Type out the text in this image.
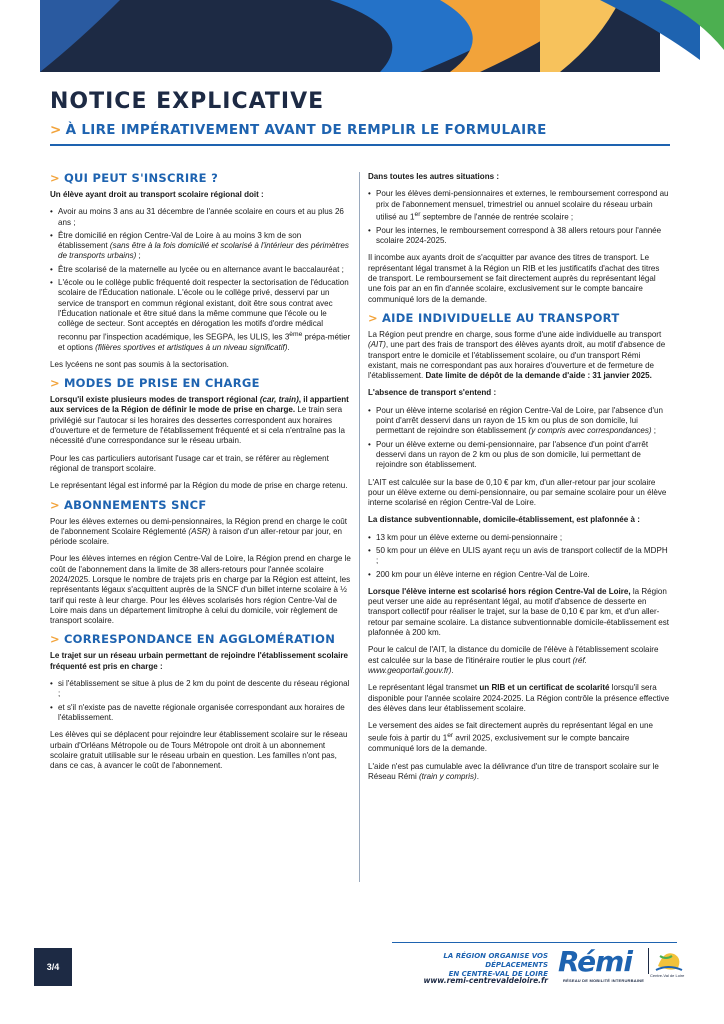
NOTICE EXPLICATIVE
> À LIRE IMPÉRATIVEMENT AVANT DE REMPLIR LE FORMULAIRE
> QUI PEUT S'INSCRIRE ?

Un élève ayant droit au transport scolaire régional doit :

• Avoir au moins 3 ans au 31 décembre de l'année scolaire en cours et au plus 26 ans ;
• Être domicilié en région Centre-Val de Loire à au moins 3 km de son établissement (sans être à la fois domicilié et scolarisé à l'intérieur des périmètres de transports urbains) ;
• Être scolarisé de la maternelle au lycée ou en alternance avant le baccalauréat ;
• L'école ou le collège public fréquenté doit respecter la sectorisation de l'éducation scolaire de l'Éducation nationale. L'école ou le collège privé, desservi par un service de transport en commun régional existant, doit être sous contrat avec l'Éducation nationale et être situé dans la même commune que l'école ou le collège de secteur. Sont acceptés en dérogation les motifs d'ordre médical reconnu par l'inspection académique, les SEGPA, les ULIS, les 3ème prépa-métier et options (filières sportives et artistiques à un niveau significatif).

Les lycéens ne sont pas soumis à la sectorisation.

> MODES DE PRISE EN CHARGE

Lorsqu'il existe plusieurs modes de transport régional (car, train), il appartient aux services de la Région de définir le mode de prise en charge. Le train sera privilégié sur l'autocar si les horaires des dessertes correspondent aux horaires d'ouverture et de fermeture de l'établissement fréquenté et si cela n'entraîne pas la nécessité d'une correspondance sur le réseau urbain.

Pour les cas particuliers autorisant l'usage car et train, se référer au règlement régional de transport scolaire.

Le représentant légal est informé par la Région du mode de prise en charge retenu.

> ABONNEMENTS SNCF

Pour les élèves externes ou demi-pensionnaires, la Région prend en charge le coût de l'abonnement Scolaire Réglementé (ASR) à raison d'un aller-retour par jour, en période scolaire.

Pour les élèves internes en région Centre-Val de Loire, la Région prend en charge le coût de l'abonnement dans la limite de 38 allers-retours pour l'année scolaire 2024/2025. Lorsque le nombre de trajets pris en charge par la Région est atteint, les représentants légaux s'acquittent auprès de la SNCF d'un billet interne scolaire à ½ tarif qui reste à leur charge. Pour les élèves scolarisés hors région Centre-Val de Loire mais dans un département limitrophe à celui du domicile, voir règlement de transport scolaire.

> CORRESPONDANCE EN AGGLOMÉRATION

Le trajet sur un réseau urbain permettant de rejoindre l'établissement scolaire fréquenté est pris en charge :

• si l'établissement se situe à plus de 2 km du point de descente du réseau régional ;
• et s'il n'existe pas de navette régionale organisée correspondant aux horaires de l'établissement.

Les élèves qui se déplacent pour rejoindre leur établissement scolaire sur le réseau urbain d'Orléans Métropole ou de Tours Métropole ont droit à un abonnement scolaire gratuit utilisable sur le réseau urbain en question. Les familles n'ont pas, dans ce cas, à avancer le coût de l'abonnement.

Dans toutes les autres situations :

• Pour les élèves demi-pensionnaires et externes, le remboursement correspond au prix de l'abonnement mensuel, trimestriel ou annuel scolaire du réseau urbain utilisé au 1er septembre de l'année de rentrée scolaire ;
• Pour les internes, le remboursement correspond à 38 allers retours pour l'année scolaire 2024-2025.

Il incombe aux ayants droit de s'acquitter par avance des titres de transport. Le représentant légal transmet à la Région un RIB et les justificatifs d'achat des titres de transport. Le remboursement se fait directement auprès du représentant légal une fois par an en fin d'année scolaire, exclusivement sur le compte bancaire communiqué lors de la demande.

> AIDE INDIVIDUELLE AU TRANSPORT

La Région peut prendre en charge, sous forme d'une aide individuelle au transport (AIT), une part des frais de transport des élèves ayants droit, au motif d'absence de transport entre le domicile et l'établissement scolaire, ou d'un transport Rémi existant, mais ne correspondant pas aux horaires d'ouverture et de fermeture de l'établissement. Date limite de dépôt de la demande d'aide : 31 janvier 2025.

L'absence de transport s'entend :

• Pour un élève interne scolarisé en région Centre-Val de Loire, par l'absence d'un point d'arrêt desservi dans un rayon de 15 km ou plus de son domicile, lui permettant de rejoindre son établissement (y compris avec correspondances) ;
• Pour un élève externe ou demi-pensionnaire, par l'absence d'un point d'arrêt desservi dans un rayon de 2 km ou plus de son domicile, lui permettant de rejoindre son établissement.

L'AIT est calculée sur la base de 0,10 € par km, d'un aller-retour par jour scolaire pour un élève externe ou demi-pensionnaire, ou par semaine scolaire pour un élève interne scolarisé en région Centre-Val de Loire.

La distance subventionnable, domicile-établissement, est plafonnée à :

• 13 km pour un élève externe ou demi-pensionnaire ;
• 50 km pour un élève en ULIS ayant reçu un avis de transport collectif de la MDPH ;
• 200 km pour un élève interne en région Centre-Val de Loire.

Lorsque l'élève interne est scolarisé hors région Centre-Val de Loire, la Région peut verser une aide au représentant légal, au motif d'absence de desserte en transport collectif pour réaliser le trajet, sur la base de 0,10 € par km, et d'un aller-retour par semaine scolaire. La distance subventionnable domicile-établissement est plafonnée à 200 km.

Pour le calcul de l'AIT, la distance du domicile de l'élève à l'établissement scolaire est calculée sur la base de l'itinéraire routier le plus court (réf. www.geoportail.gouv.fr).

Le représentant légal transmet un RIB et un certificat de scolarité lorsqu'il sera disponible pour l'année scolaire 2024-2025. La Région contrôle la présence effective des élèves dans leur établissement scolaire.

Le versement des aides se fait directement auprès du représentant légal en une seule fois à partir du 1er avril 2025, exclusivement sur le compte bancaire communiqué lors de la demande.

L'aide n'est pas cumulable avec la délivrance d'un titre de transport scolaire sur le Réseau Rémi (train y compris).

3/4
LA RÉGION ORGANISE VOS DÉPLACEMENTS
EN CENTRE-VAL DE LOIRE
www.remi-centrevaldeloire.fr
Rémi
RÉSEAU DE MOBILITÉ INTERURBAINE
Centre-Val de Loire
